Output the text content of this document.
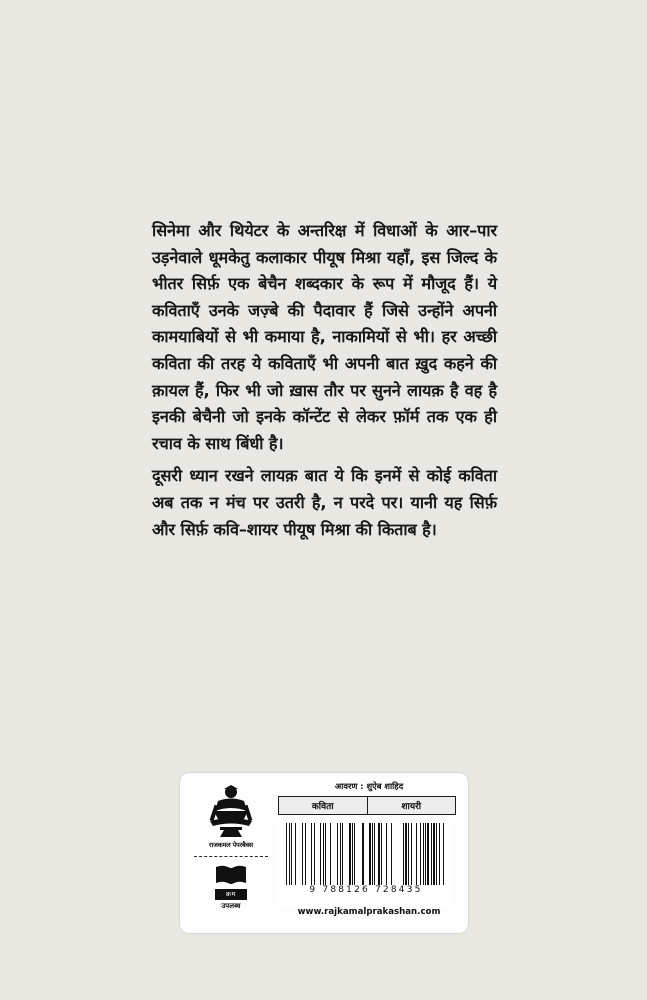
सिनेमा और थियेटर के अन्तरिक्ष में विधाओं के आर–पार उड़नेवाले धूमकेतु कलाकार पीयूष मिश्रा यहाँ, इस जिल्द के भीतर सिर्फ़ एक बेचैन शब्दकार के रूप में मौजूद हैं। ये कविताएँ उनके जज़्बे की पैदावार हैं जिसे उन्होंने अपनी कामयाबियों से भी कमाया है, नाकामियों से भी। हर अच्छी कविता की तरह ये कविताएँ भी अपनी बात ख़ुद कहने की क़ायल हैं, फिर भी जो ख़ास तौर पर सुनने लायक़ है वह है इनकी बेचैनी जो इनके कॉन्टेंट से लेकर फ़ॉर्म तक एक ही रचाव के साथ बिंधी है।

दूसरी ध्यान रखने लायक़ बात ये कि इनमें से कोई कविता अब तक न मंच पर उतरी है, न परदे पर। यानी यह सिर्फ़ और सिर्फ़ कवि–शायर पीयूष मिश्रा की किताब है।

राजकमल पेपरबैक्स
क्रम
उपलब्ध
आवरण : शुऐब शाहिद
कविता	शायरी
9 788126 728435
www.rajkamalprakashan.com
